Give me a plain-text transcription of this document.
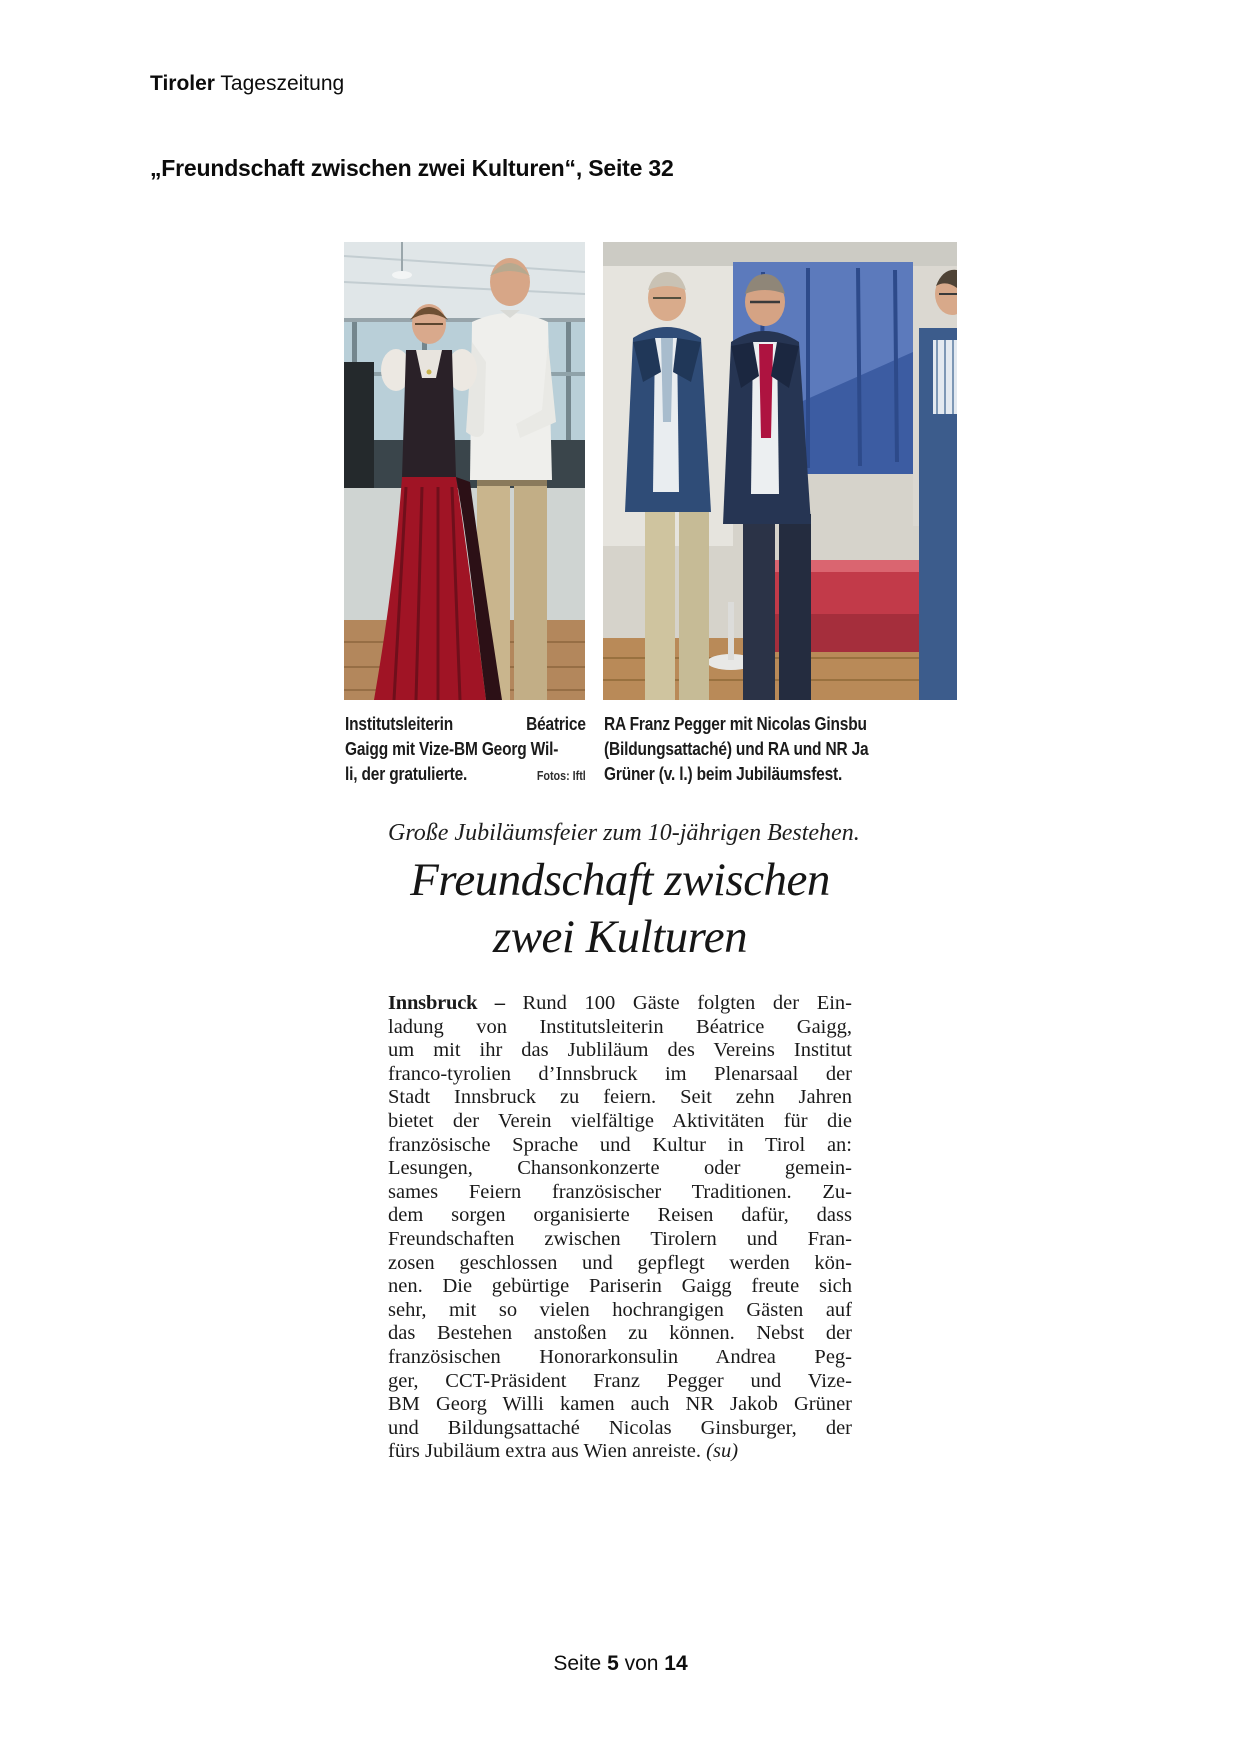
Tiroler Tageszeitung
„Freundschaft zwischen zwei Kulturen“, Seite 32
Institutsleiterin	Béatrice
Gaigg mit Vize-BM Georg Wil-
li, der gratulierte.	Fotos: Iftl
RA Franz Pegger mit Nicolas Ginsbu
(Bildungsattaché) und RA und NR Ja
Grüner (v. l.) beim Jubiläumsfest.
Große Jubiläumsfeier zum 10-jährigen Bestehen.
Freundschaft zwischen
zwei Kulturen
Innsbruck – Rund 100 Gäste folgten der Ein-
ladung von Institutsleiterin Béatrice Gaigg,
um mit ihr das Jubliläum des Vereins Institut
franco-tyrolien d’Innsbruck im Plenarsaal der
Stadt Innsbruck zu feiern. Seit zehn Jahren
bietet der Verein vielfältige Aktivitäten für die
französische Sprache und Kultur in Tirol an:
Lesungen, Chansonkonzerte oder gemein-
sames Feiern französischer Traditionen. Zu-
dem sorgen organisierte Reisen dafür, dass
Freundschaften zwischen Tirolern und Fran-
zosen geschlossen und gepflegt werden kön-
nen. Die gebürtige Pariserin Gaigg freute sich
sehr, mit so vielen hochrangigen Gästen auf
das Bestehen anstoßen zu können. Nebst der
französischen Honorarkonsulin Andrea Peg-
ger, CCT-Präsident Franz Pegger und Vize-
BM Georg Willi kamen auch NR Jakob Grüner
und Bildungsattaché Nicolas Ginsburger, der
fürs Jubiläum extra aus Wien anreiste. (su)
Seite 5 von 14
